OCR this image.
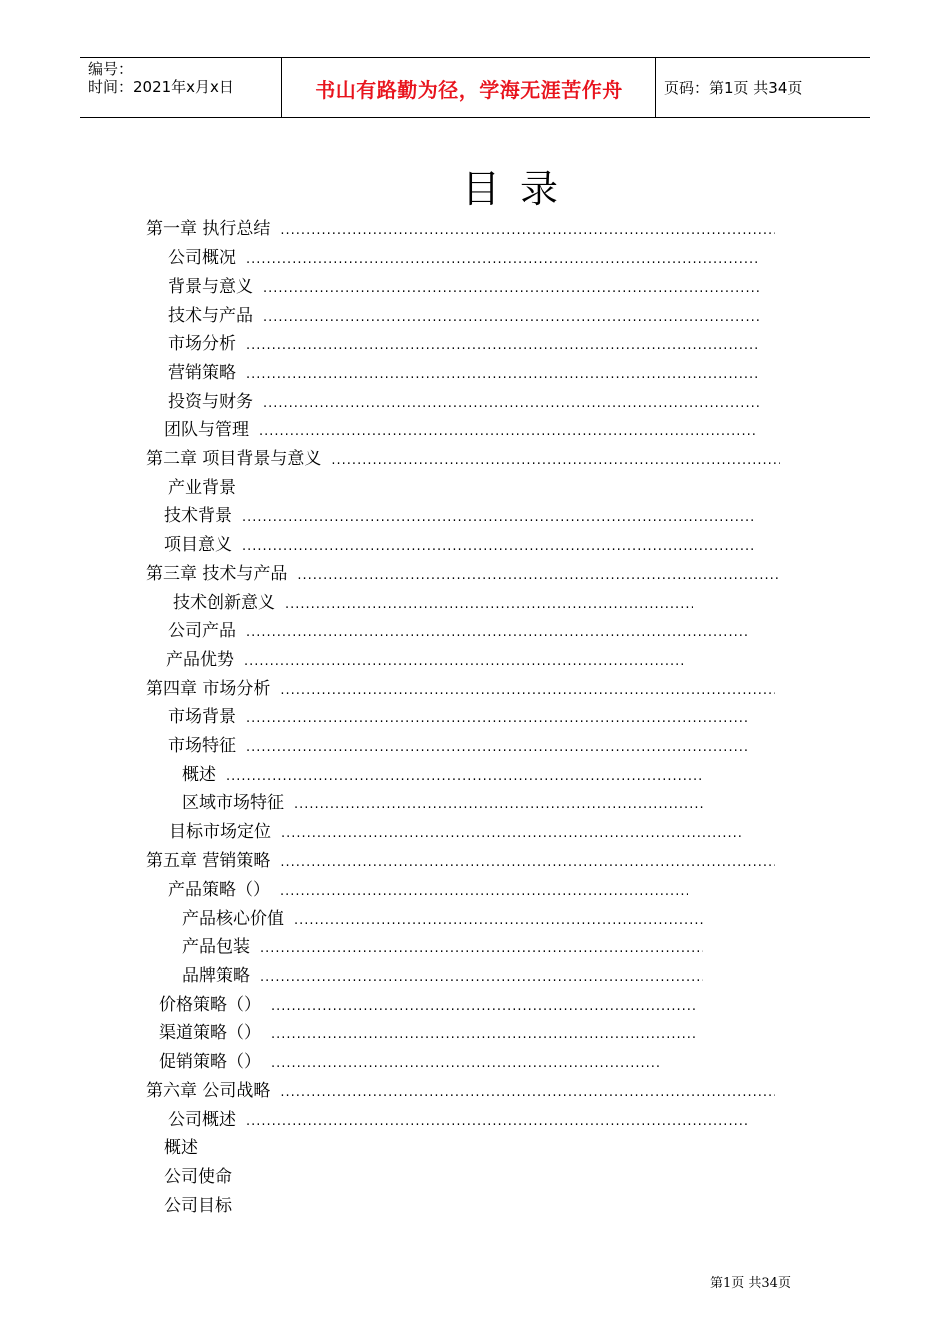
编号：
时间：2021年x月x日	书山有路勤为径，学海无涯苦作舟	页码：第1页 共34页
目录
第一章 执行总结
.....
公司概况
.....
背景与意义
.....
技术与产品
.....
市场分析
.....
营销策略
.....
投资与财务
.....
团队与管理
.....
第二章 项目背景与意义
.....
产业背景
技术背景
.....
项目意义
.....
第三章 技术与产品
.....
技术创新意义
.....
公司产品
.....
产品优势
.....
第四章 市场分析
.....
市场背景
.....
市场特征
.....
概述
.....
区域市场特征
.....
目标市场定位
.....
第五章 营销策略
.....
产品策略（）
.....
产品核心价值
.....
产品包装
.....
品牌策略
.....
价格策略（）
.....
渠道策略（）
.....
促销策略（）
.....
第六章 公司战略
.....
公司概述
.....
概述
公司使命
公司目标
第1页 共34页
